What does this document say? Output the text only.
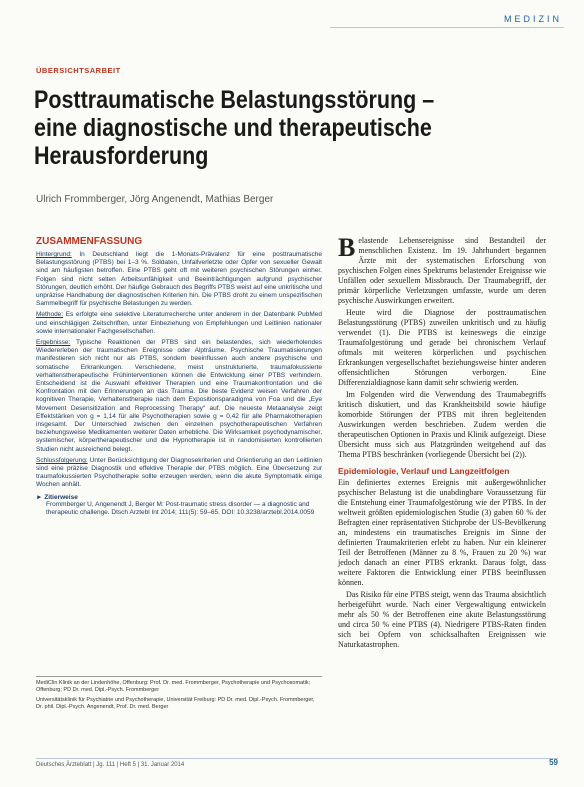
MEDIZIN
ÜBERSICHTSARBEIT
Posttraumatische Belastungsstörung –
eine diagnostische und therapeutische
Herausforderung
Ulrich Frommberger, Jörg Angenendt, Mathias Berger
ZUSAMMENFASSUNG

Hintergrund: In Deutschland liegt die 1-Monats-Prävalenz für eine posttraumatische Belastungsstörung (PTBS) bei 1–3 %. Soldaten, Unfallverletzte oder Opfer von sexueller Gewalt sind am häufigsten betroffen. Eine PTBS geht oft mit weiteren psychischen Störungen einher. Folgen sind nicht selten Arbeitsunfähigkeit und Beeinträchtigungen aufgrund psychischer Störungen, deutlich erhöht. Der häufige Gebrauch des Begriffs PTBS weist auf eine unkritische und unpräzise Handhabung der diagnostischen Kriterien hin. Die PTBS droht zu einem unspezifischen Sammelbegriff für psychische Belastungen zu werden.

Methode: Es erfolgte eine selektive Literaturrecherche unter anderem in der Datenbank PubMed und einschlägigen Zeitschriften, unter Einbeziehung von Empfehlungen und Leitlinien nationaler sowie internationaler Fachgesellschaften.

Ergebnisse: Typische Reaktionen der PTBS sind ein belastendes, sich wiederholendes Wiedererleben der traumatischen Ereignisse oder Alpträume. Psychische Traumatisierungen manifestieren sich nicht nur als PTBS, sondern beeinflussen auch andere psychische und somatische Erkrankungen. Verschiedene, meist unstrukturierte, traumafokussierte verhaltenstherapeutische Frühinterventionen können die Entwicklung einer PTBS verhindern. Entscheidend ist die Auswahl effektiver Therapien und eine Traumakonfrontation und die Konfrontation mit den Erinnerungen an das Trauma. Die beste Evidenz weisen Verfahren der kognitiven Therapie, Verhaltenstherapie nach dem Expositionsparadigma von Foa und die „Eye Movement Desensitization and Reprocessing Therapy“ auf. Die neueste Metaanalyse zeigt Effektstärken von g = 1,14 für alle Psychotherapien sowie g = 0,42 für alle Pharmakotherapien insgesamt. Der Unterschied zwischen den einzelnen psychotherapeutischen Verfahren beziehungsweise Medikamenten weiterer Daten erhebliche. Die Wirksamkeit psychodynamischer, systemischer, körpertherapeutischer und die Hypnotherapie ist in randomisierten kontrollierten Studien nicht ausreichend belegt.

Schlussfolgerung: Unter Berücksichtigung der Diagnosekriterien und Orientierung an den Leitlinien sind eine präzise Diagnostik und effektive Therapie der PTBS möglich. Eine Übersetzung zur traumafokussierten Psychotherapie sollte erzeugen werden, wenn die akute Symptomatik einige Wochen anhält.

► Zitierweise
Frommberger U, Angenendt J, Berger M: Post-traumatic stress disorder — a diagnostic and therapeutic challenge. Dtsch Arztebl Int 2014; 111(5): 59–65. DOI: 10.3238/arztebl.2014.0059

MediClin Klinik an der Lindenhöhe, Offenburg: Prof. Dr. med. Frommberger, Psychotherapie und Psychosomatik; Offenburg; PD Dr. med. Dipl.-Psych. Frommberger

Universitätsklinik für Psychiatrie und Psychotherapie, Universität Freiburg: PD Dr. med. Dipl.-Psych. Frommberger, Dr. phil. Dipl.-Psych. Angenendt, Prof. Dr. med. Berger

Belastende Lebensereignisse sind Bestandteil der menschlichen Existenz. Im 19. Jahrhundert begannen Ärzte mit der systematischen Erforschung von psychischen Folgen eines Spektrums belastender Ereignisse wie Unfällen oder sexuellem Missbrauch. Der Traumabegriff, der primär körperliche Verletzungen umfasste, wurde um deren psychische Auswirkungen erweitert.

Heute wird die Diagnose der posttraumatischen Belastungsstörung (PTBS) zuweilen unkritisch und zu häufig verwendet (1). Die PTBS ist keineswegs die einzige Traumafolgestörung und gerade bei chronischem Verlauf oftmals mit weiteren körperlichen und psychischen Erkrankungen vergesellschaftet beziehungsweise hinter anderen offensichtlichen Störungen verborgen. Eine Differenzialdiagnose kann damit sehr schwierig werden.

Im Folgenden wird die Verwendung des Traumabegriffs kritisch diskutiert, und das Krankheitsbild sowie häufige komorbide Störungen der PTBS mit ihren begleitenden Auswirkungen werden beschrieben. Zudem werden die therapeutischen Optionen in Praxis und Klinik aufgezeigt. Diese Übersicht muss sich aus Platzgründen weitgehend auf das Thema PTBS beschränken (vorliegende Übersicht bei (2)).

Epidemiologie, Verlauf und Langzeitfolgen

Ein definiertes externes Ereignis mit außergewöhnlicher psychischer Belastung ist die unabdingbare Voraussetzung für die Entstehung einer Traumafolgestörung wie der PTBS. In der weltweit größten epidemiologischen Studie (3) gaben 60 % der Befragten einer repräsentativen Stichprobe der US-Bevölkerung an, mindestens ein traumatisches Ereignis im Sinne der definierten Traumakriterien erlebt zu haben. Nur ein kleinerer Teil der Betroffenen (Männer zu 8 %, Frauen zu 20 %) war jedoch danach an einer PTBS erkrankt. Daraus folgt, dass weitere Faktoren die Entwicklung einer PTBS beeinflussen können.

Das Risiko für eine PTBS steigt, wenn das Trauma absichtlich herbeigeführt wurde. Nach einer Vergewaltigung entwickeln mehr als 50 % der Betroffenen eine akute Belastungsstörung und circa 50 % eine PTBS (4). Niedrigere PTBS-Raten finden sich bei Opfern von schicksalhaften Ereignissen wie Naturkatastrophen.

Deutsches Ärzteblatt | Jg. 111 | Heft 5 | 31. Januar 2014	59
